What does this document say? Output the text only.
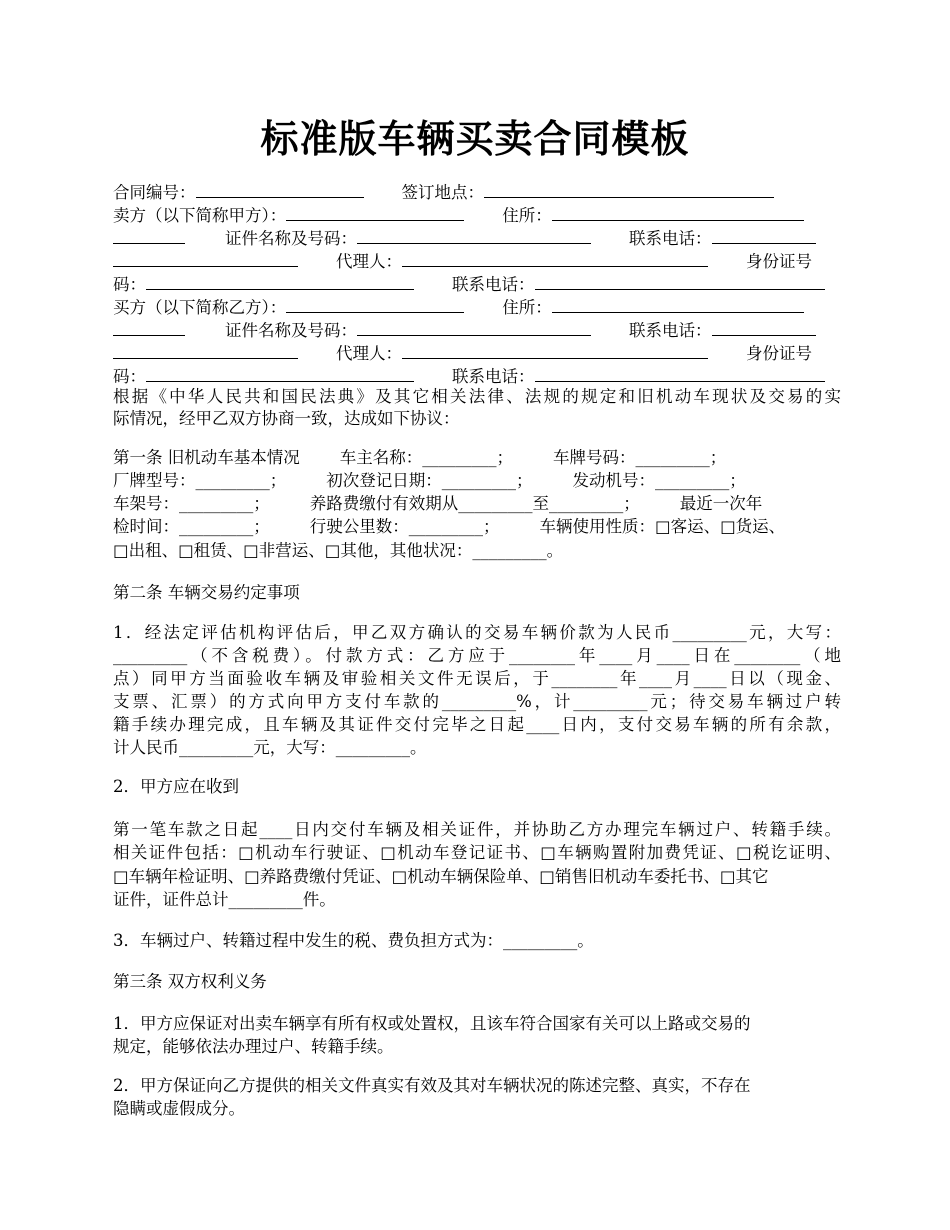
标准版车辆买卖合同模板
合同编号：	签订地点：
卖方（以下简称甲方）：	住所：
证件名称及号码：	联系电话：
代理人：	身份证号
码：	联系电话：
买方（以下简称乙方）：	住所：
证件名称及号码：	联系电话：
代理人：	身份证号
码：	联系电话：
根据《中华人民共和国民法典》及其它相关法律、法规的规定和旧机动车现状及交易的实
际情况，经甲乙双方协商一致，达成如下协议：
第一条 旧机动车基本情况 车主名称：_________； 车牌号码：_________；
厂牌型号：_________； 初次登记日期：_________； 发动机号：_________；
车架号：_________； 养路费缴付有效期从_________至_________； 最近一次年
检时间：_________； 行驶公里数：_________； 车辆使用性质：□客运、□货运、
□出租、□租赁、□非营运、□其他，其他状况：_________。
第二条 车辆交易约定事项
1．经法定评估机构评估后，甲乙双方确认的交易车辆价款为人民币_________元，大写：
_________（不含税费）。付款方式：乙方应于________年____月____日在________（地
点）同甲方当面验收车辆及审验相关文件无误后，于________年____月____日以（现金、
支票、汇票）的方式向甲方支付车款的_________%，计_________元；待交易车辆过户转
籍手续办理完成，且车辆及其证件交付完毕之日起____日内，支付交易车辆的所有余款，
计人民币_________元，大写：_________。
2．甲方应在收到
第一笔车款之日起____日内交付车辆及相关证件，并协助乙方办理完车辆过户、转籍手续。
相关证件包括：□机动车行驶证、□机动车登记证书、□车辆购置附加费凭证、□税讫证明、
□车辆年检证明、□养路费缴付凭证、□机动车辆保险单、□销售旧机动车委托书、□其它
证件，证件总计_________件。
3．车辆过户、转籍过程中发生的税、费负担方式为：_________。
第三条 双方权利义务
1．甲方应保证对出卖车辆享有所有权或处置权，且该车符合国家有关可以上路或交易的
规定，能够依法办理过户、转籍手续。
2．甲方保证向乙方提供的相关文件真实有效及其对车辆状况的陈述完整、真实，不存在
隐瞒或虚假成分。
